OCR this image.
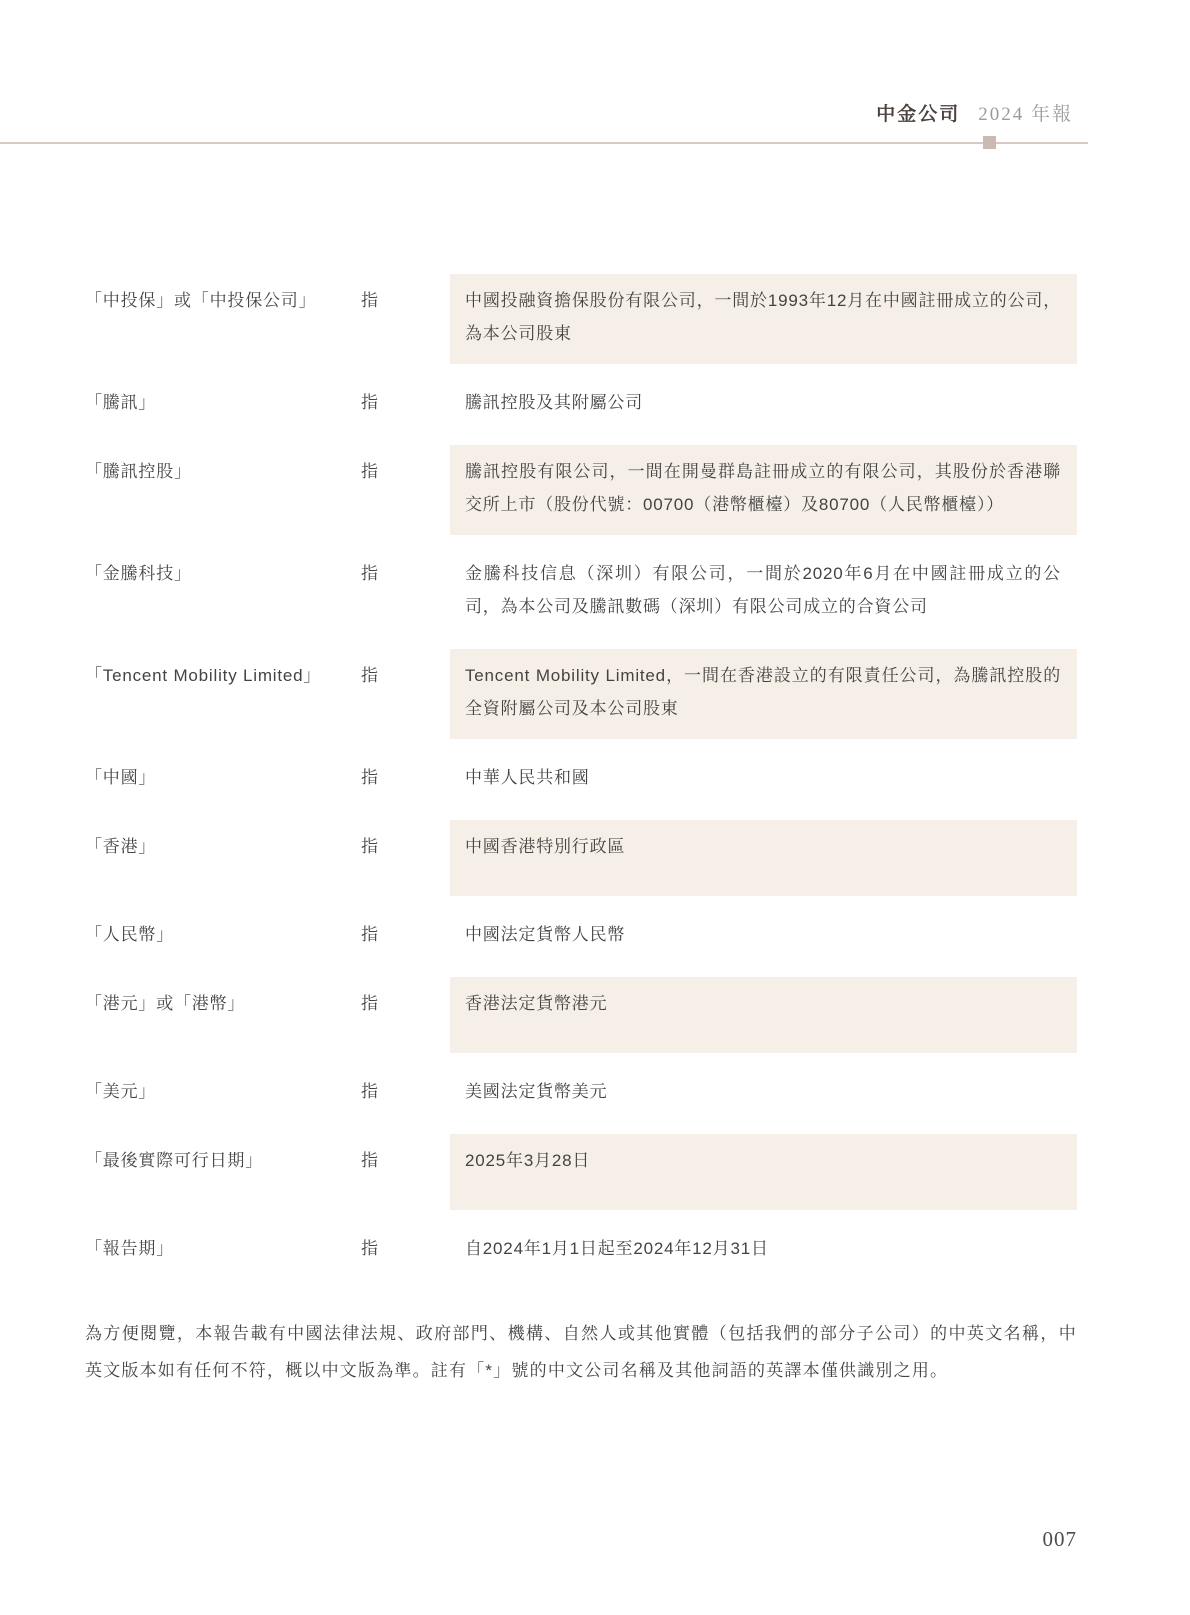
中金公司 2024 年報
「中投保」或「中投保公司」	指	中國投融資擔保股份有限公司，一間於1993年12月在中國註冊成立的公司，為本公司股東
「騰訊」	指	騰訊控股及其附屬公司
「騰訊控股」	指	騰訊控股有限公司，一間在開曼群島註冊成立的有限公司，其股份於香港聯交所上市（股份代號：00700（港幣櫃檯）及80700（人民幣櫃檯））
「金騰科技」	指	金騰科技信息（深圳）有限公司，一間於2020年6月在中國註冊成立的公司，為本公司及騰訊數碼（深圳）有限公司成立的合資公司
「Tencent Mobility Limited」	指	Tencent Mobility Limited，一間在香港設立的有限責任公司，為騰訊控股的全資附屬公司及本公司股東
「中國」	指	中華人民共和國
「香港」	指	中國香港特別行政區
「人民幣」	指	中國法定貨幣人民幣
「港元」或「港幣」	指	香港法定貨幣港元
「美元」	指	美國法定貨幣美元
「最後實際可行日期」	指	2025年3月28日
「報告期」	指	自2024年1月1日起至2024年12月31日
為方便閱覽，本報告載有中國法律法規、政府部門、機構、自然人或其他實體（包括我們的部分子公司）的中英文名稱，中英文版本如有任何不符，概以中文版為準。註有「*」號的中文公司名稱及其他詞語的英譯本僅供識別之用。
007
